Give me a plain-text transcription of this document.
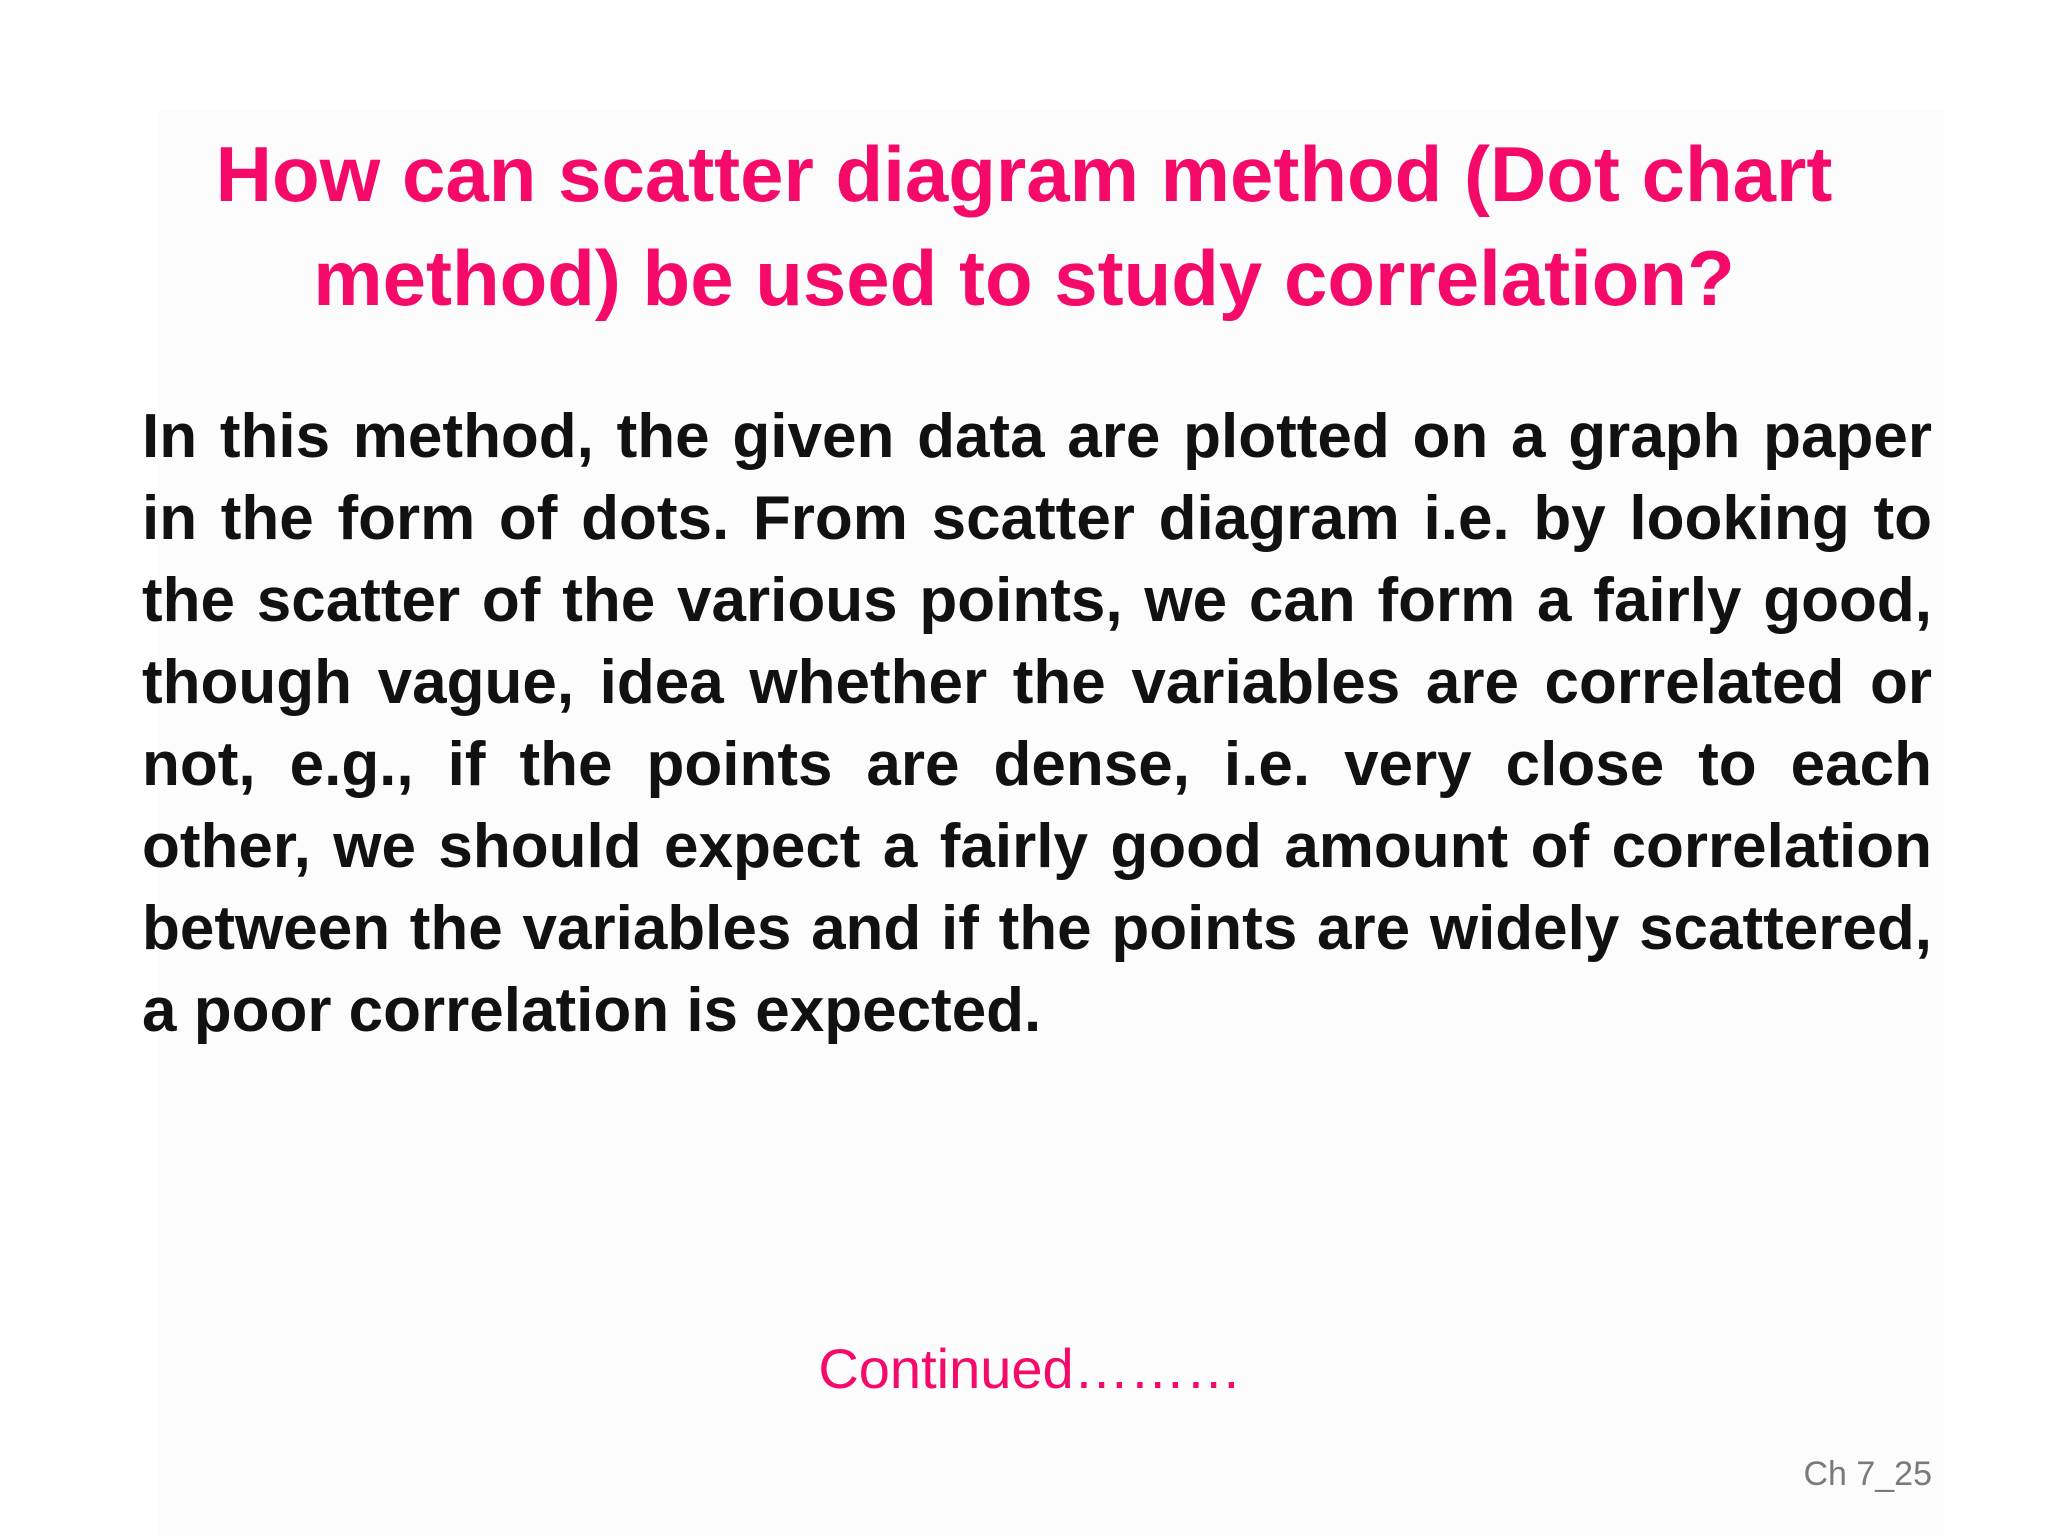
How can scatter diagram method (Dot chart method) be used to study correlation?

In this method, the given data are plotted on a graph paper in the form of dots. From scatter diagram i.e. by looking to the scatter of the various points, we can form a fairly good, though vague, idea whether the variables are correlated or not, e.g., if the points are dense, i.e. very close to each other, we should expect a fairly good amount of correlation between the variables and if the points are widely scattered, a poor correlation is expected.

Continued………
Ch 7_25
